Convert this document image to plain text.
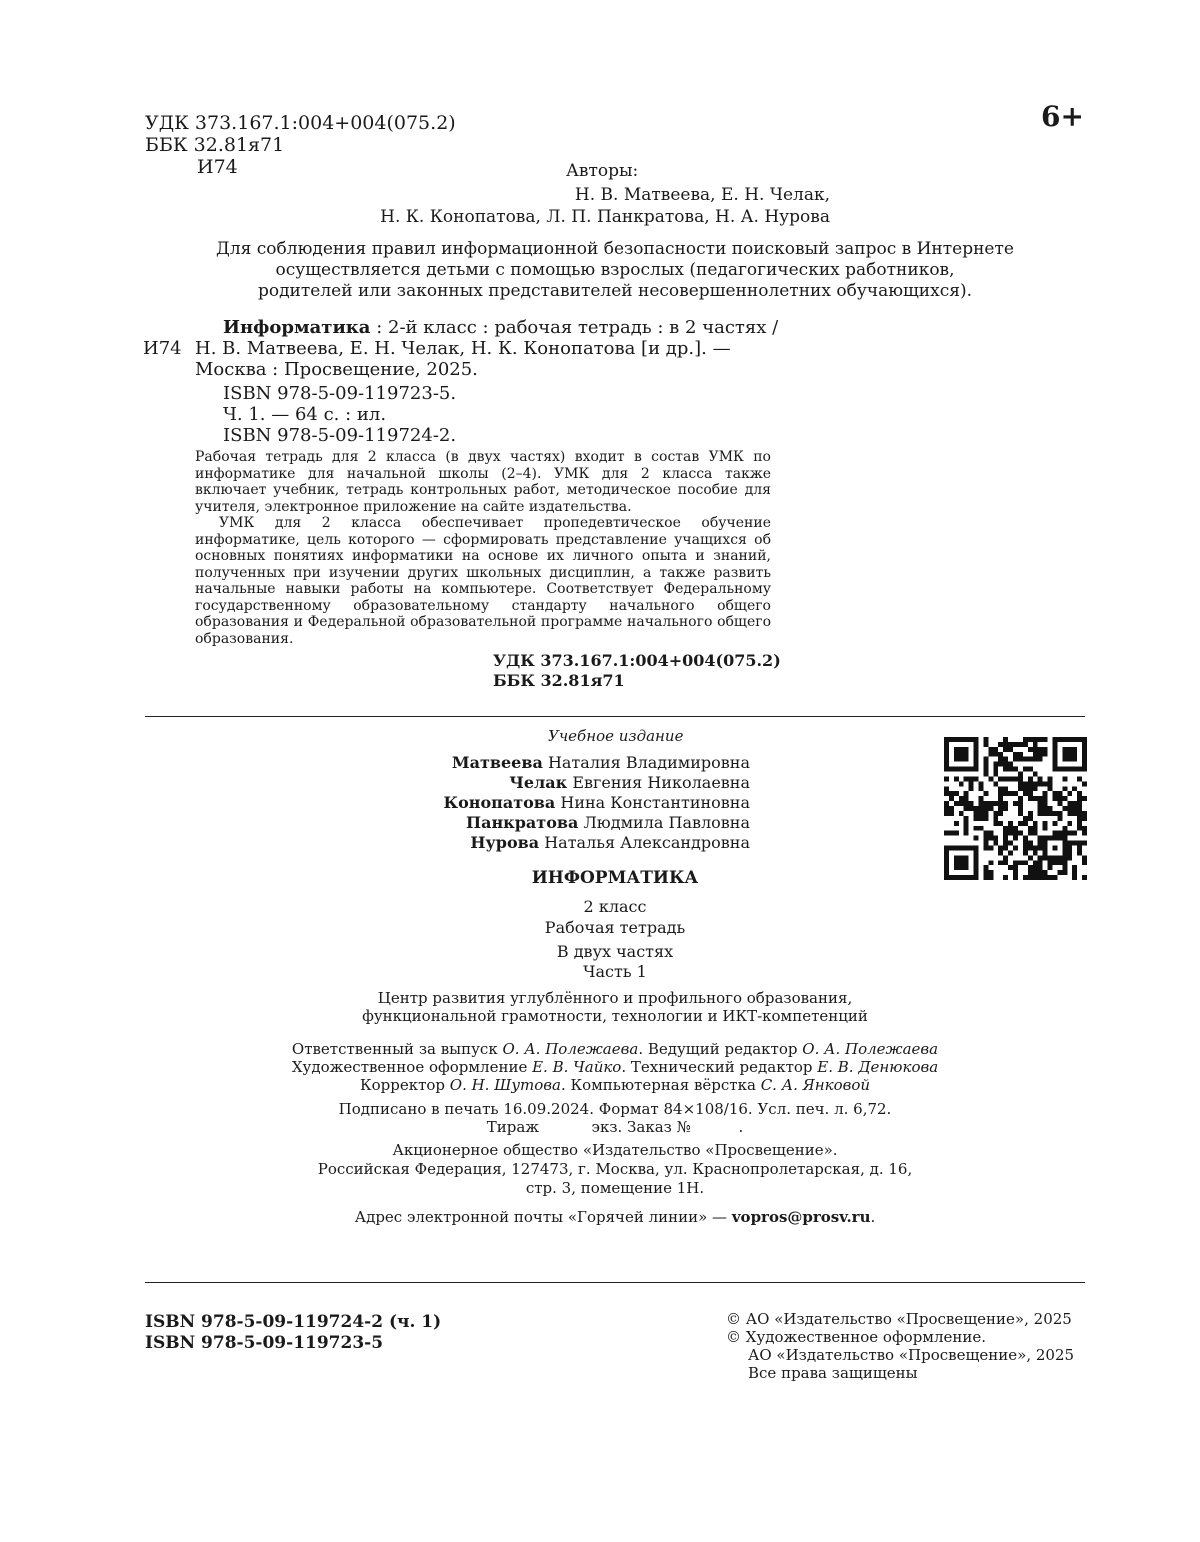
УДК 373.167.1:004+004(075.2)
ББК 32.81я71
И74
6+
Авторы:
Н. В. Матвеева, Е. Н. Челак,
Н. К. Конопатова, Л. П. Панкратова, Н. А. Нурова
Для соблюдения правил информационной безопасности поисковый запрос в Интернете
осуществляется детьми с помощью взрослых (педагогических работников,
родителей или законных представителей несовершеннолетних обучающихся).
И74
Информатика : 2-й класс : рабочая тетрадь : в 2 частях /
Н. В. Матвеева, Е. Н. Челак, Н. К. Конопатова [и др.]. —
Москва : Просвещение, 2025.
ISBN 978-5-09-119723-5.
Ч. 1. — 64 с. : ил.
ISBN 978-5-09-119724-2.

Рабочая тетрадь для 2 класса (в двух частях) входит в состав УМК по информатике для начальной школы (2–4). УМК для 2 класса также включает учебник, тетрадь контрольных работ, методическое пособие для учителя, электронное приложение на сайте издательства.

УМК для 2 класса обеспечивает пропедевтическое обучение информатике, цель которого — сформировать представление учащихся об основных понятиях информатики на основе их личного опыта и знаний, полученных при изучении других школьных дисциплин, а также развить начальные навыки работы на компьютере. Соответствует Федеральному государственному образовательному стандарту начального общего образования и Федеральной образовательной программе начального общего образования.

УДК 373.167.1:004+004(075.2)
ББК 32.81я71
Учебное издание
Матвеева Наталия Владимировна
Челак Евгения Николаевна
Конопатова Нина Константиновна
Панкратова Людмила Павловна
Нурова Наталья Александровна
ИНФОРМАТИКА
2 класс
Рабочая тетрадь
В двух частях
Часть 1
Центр развития углублённого и профильного образования,
функциональной грамотности, технологии и ИКТ-компетенций
Ответственный за выпуск О. А. Полежаева. Ведущий редактор О. А. Полежаева
Художественное оформление Е. В. Чайко. Технический редактор Е. В. Денюкова
Корректор О. Н. Шутова. Компьютерная вёрстка С. А. Янковой
Подписано в печать 16.09.2024. Формат 84×108/16. Усл. печ. л. 6,72.
Тираж           экз. Заказ №          .
Акционерное общество «Издательство «Просвещение».
Российская Федерация, 127473, г. Москва, ул. Краснопролетарская, д. 16,
стр. 3, помещение 1Н.
Адрес электронной почты «Горячей линии» — vopros@prosv.ru.
ISBN 978-5-09-119724-2 (ч. 1)
ISBN 978-5-09-119723-5
© АО «Издательство «Просвещение», 2025
© Художественное оформление.
АО «Издательство «Просвещение», 2025
Все права защищены
